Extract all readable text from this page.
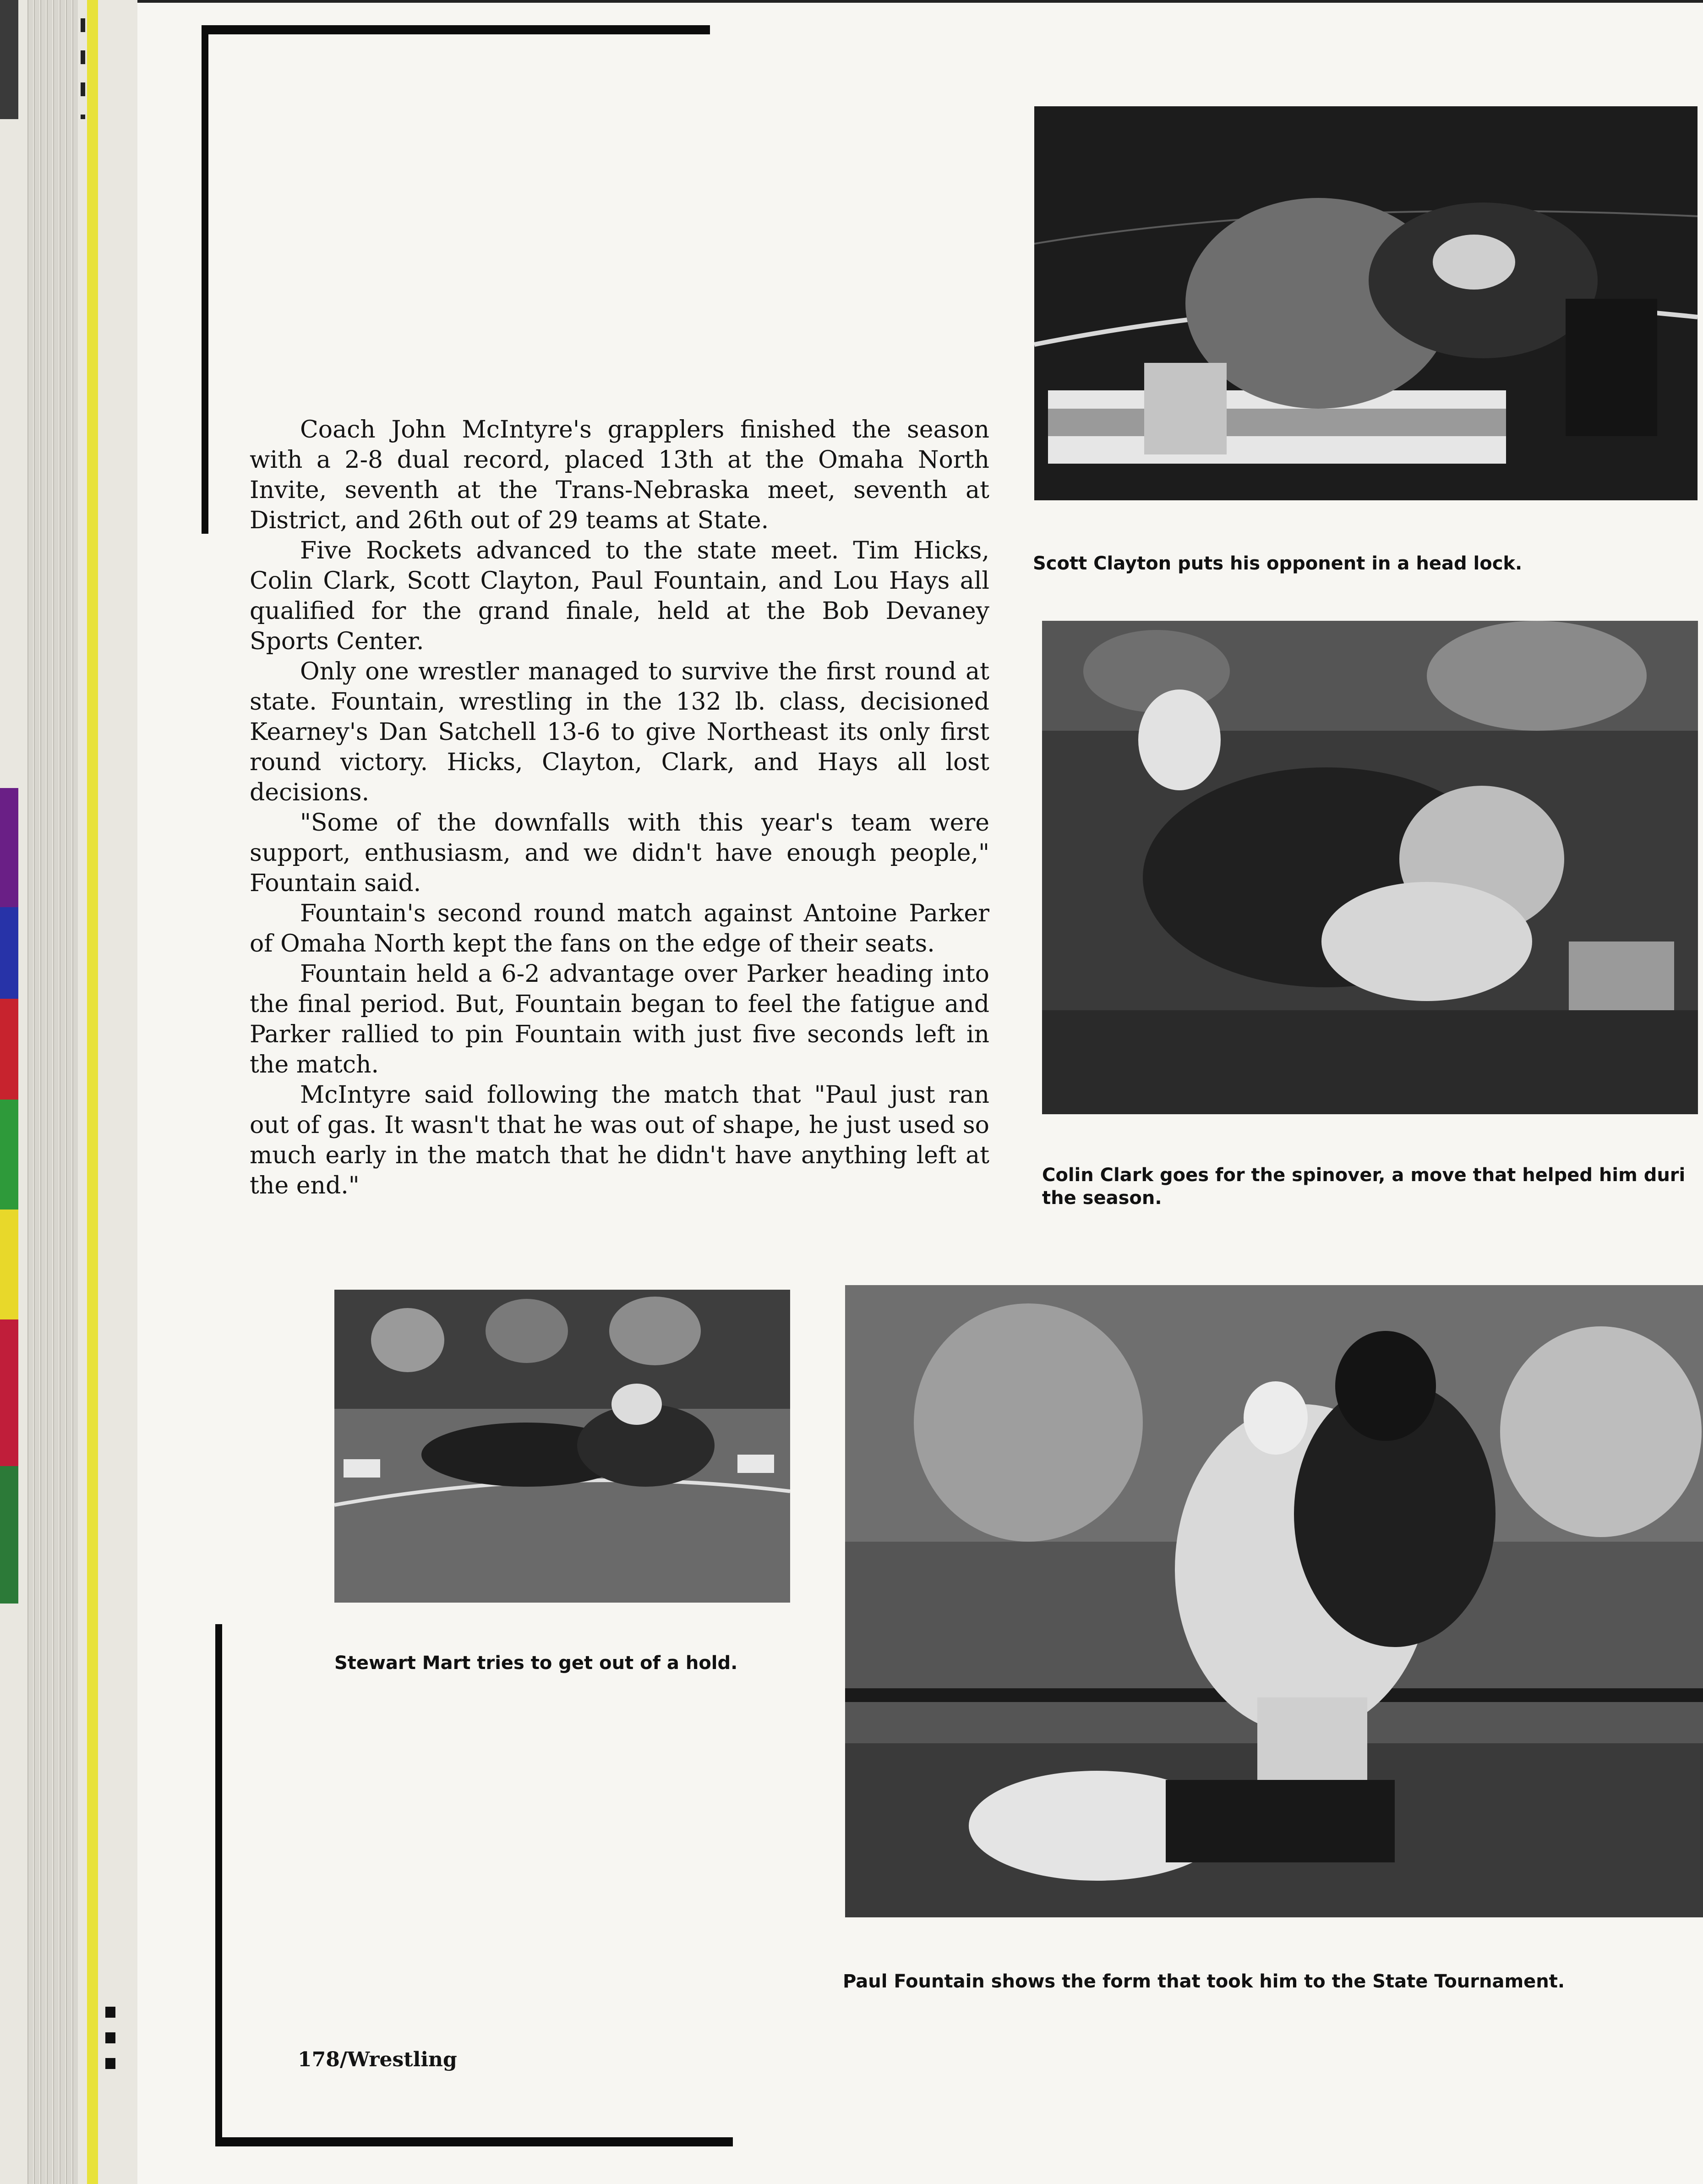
Scott Clayton puts his opponent in a head lock.
Colin Clark goes for the spinover, a move that helped him duri
the season.

Coach John McIntyre's grapplers finished the season with a 2-8 dual record, placed 13th at the Omaha North Invite, seventh at the Trans-Nebraska meet, seventh at District, and 26th out of 29 teams at State.

Five Rockets advanced to the state meet. Tim Hicks, Colin Clark, Scott Clayton, Paul Fountain, and Lou Hays all qualified for the grand finale, held at the Bob Devaney Sports Center.

Only one wrestler managed to survive the first round at state. Fountain, wrestling in the 132 lb. class, decisioned Kearney's Dan Satchell 13-6 to give Northeast its only first round victory. Hicks, Clayton, Clark, and Hays all lost decisions.

"Some of the downfalls with this year's team were support, enthusiasm, and we didn't have enough people," Fountain said.

Fountain's second round match against Antoine Parker of Omaha North kept the fans on the edge of their seats.

Fountain held a 6-2 advantage over Parker heading into the final period. But, Fountain began to feel the fatigue and Parker rallied to pin Fountain with just five seconds left in the match.

McIntyre said following the match that "Paul just ran out of gas. It wasn't that he was out of shape, he just used so much early in the match that he didn't have anything left at the end."

Stewart Mart tries to get out of a hold.
Paul Fountain shows the form that took him to the State Tournament.
178/Wrestling
